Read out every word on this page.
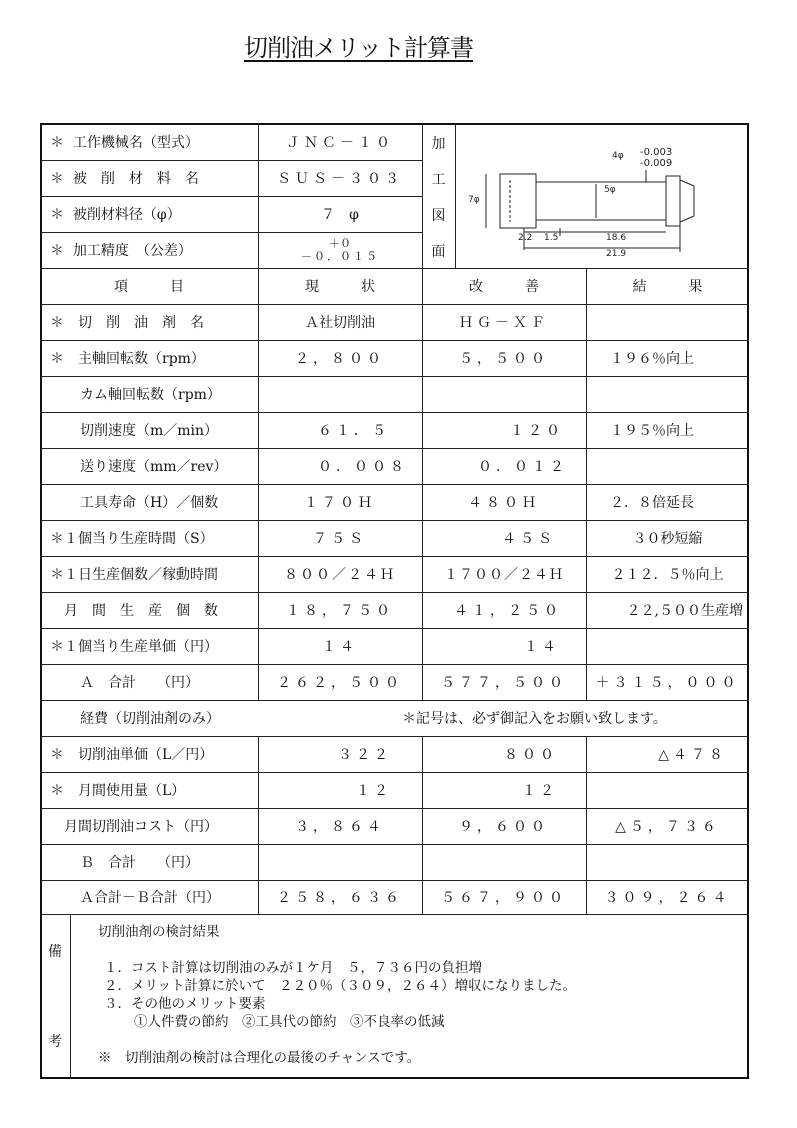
切削油メリット計算書
＊
工作機械名（型式）	ＪＮＣ－１０
＊
被　削　材　料　名	ＳＵＳ－３０３
＊
被削材料径（φ）	７　φ
＊
加工精度　（公差）	＋０
－０．０１５
加
工
図
面
7φ
5φ
4φ
18.6
21.9
2.2 1.5
-0.003
-0.009
項　　　目	現　　　状	改　　　善	結　　　果
＊　切　削　油　剤　名	Ａ社切削油	ＨＧ－ＸＦ
＊　主軸回転数（rpm）	２，８００	５，５００	１９６％向上
カム軸回転数（rpm）
切削速度（m／min）	６１．５	１２０	１９５％向上
送り速度（mm／rev）	０．００８	０．０１２
工具寿命（H）／個数	１７０Ｈ	４８０Ｈ	２．８倍延長
＊１個当り生産時間（S）	７５Ｓ	４５Ｓ	３０秒短縮
＊１日生産個数／稼動時間	８００／２４Ｈ	１７００／２４Ｈ	２１２．５％向上
月　間　生　産　個　数	１８，７５０	４１，２５０	２２,５００生産増
＊１個当り生産単価（円）	１４	１４
Ａ　合計　　（円）	２６２，５００	５７７，５００	＋３１５，０００
経費（切削油剤のみ）	＊記号は、必ず御記入をお願い致します。
＊　切削油単価（L／円）	３２２	８００	△４７８
＊　月間使用量（L）	１２	１２
月間切削油コスト（円）	３，８６４	９，６００	△５，７３６
Ｂ　合計　　（円）
Ａ合計－Ｂ合計（円）	２５８，６３６	５６７，９００	３０９，２６４
備
考
切削油剤の検討結果
１．コスト計算は切削油のみが１ケ月　５，７３６円の負担増
２．メリット計算に於いて　２２０％（３０９，２６４）増収になりました。
３．その他のメリット要素
①人件費の節約　②工具代の節約　③不良率の低減
※　切削油剤の検討は合理化の最後のチャンスです。
